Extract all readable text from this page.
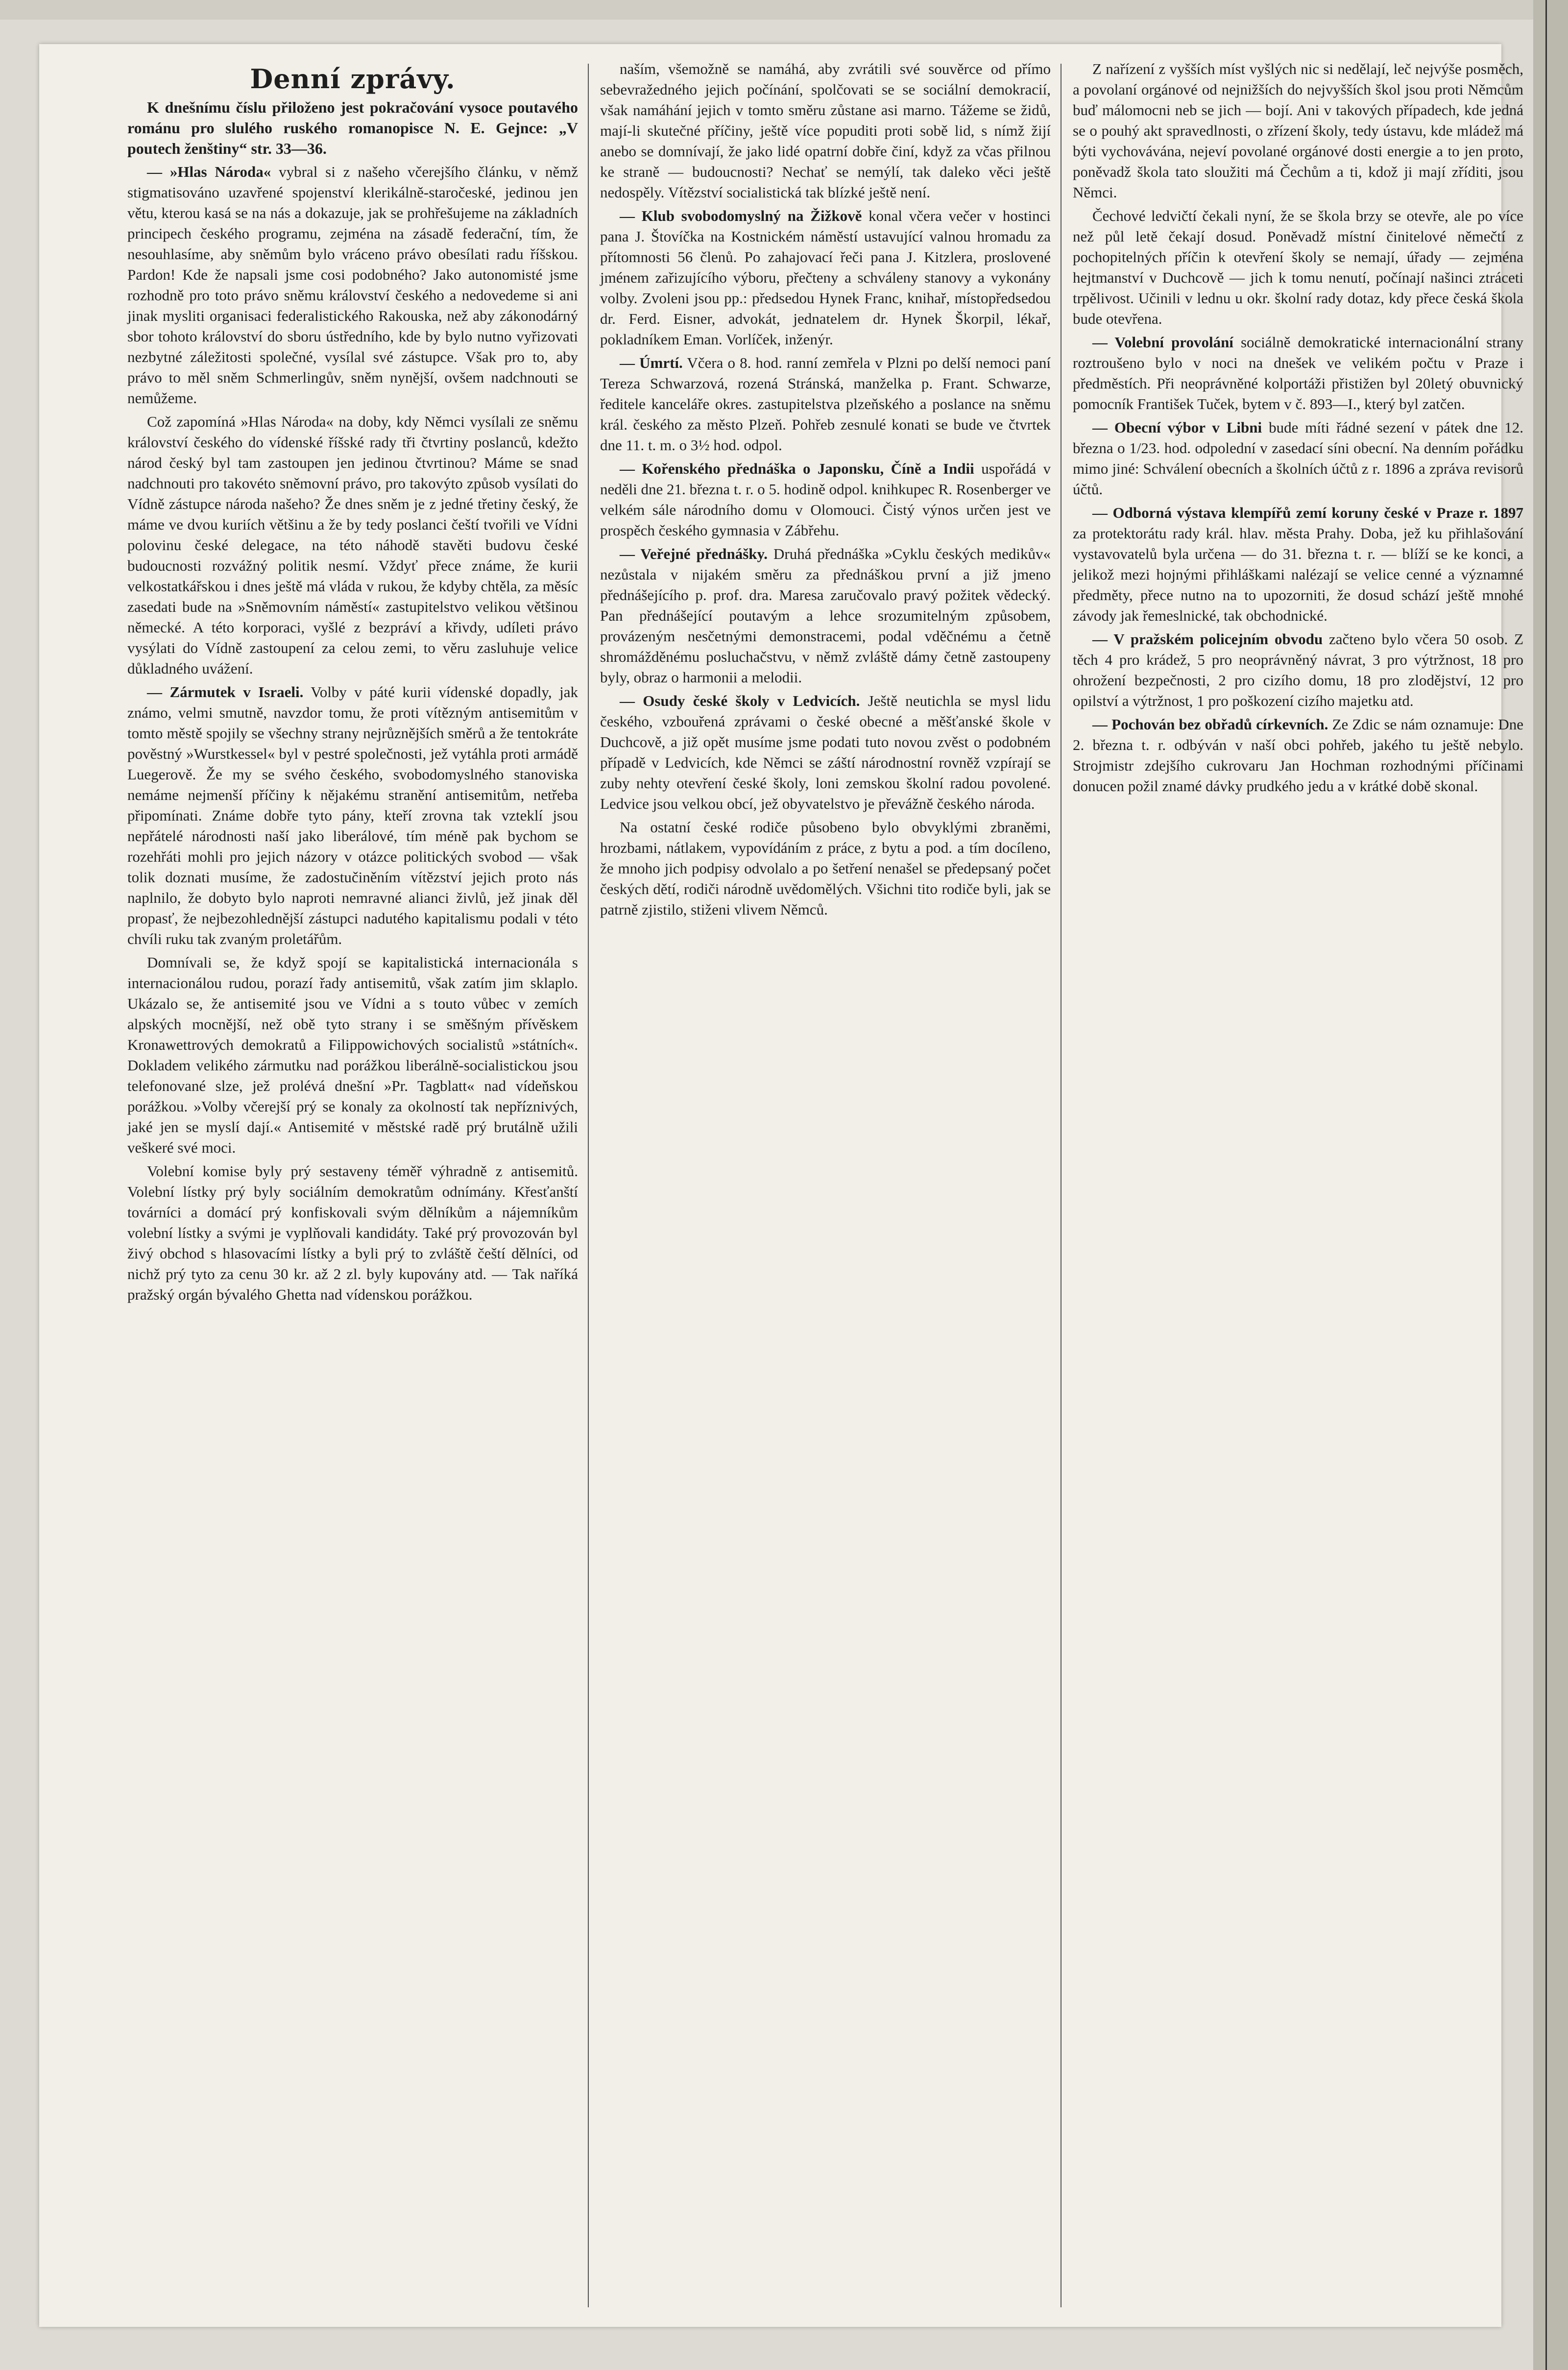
Denní zprávy.

K dnešnímu číslu přiloženo jest pokračování vysoce poutavého románu pro slulého ruského romanopisce N. E. Gejnce: „V poutech ženštiny“ str. 33—36.

— »Hlas Národa« vybral si z našeho včerejšího článku, v němž stigmatisováno uzavřené spojenství klerikálně-staročeské, jedinou jen větu, kterou kasá se na nás a dokazuje, jak se prohřešujeme na základních principech českého programu, zejména na zásadě federační, tím, že nesouhlasíme, aby sněmům bylo vráceno právo obesílati radu říšskou. Pardon! Kde že napsali jsme cosi podobného? Jako autonomisté jsme rozhodně pro toto právo sněmu království českého a nedovedeme si ani jinak mysliti organisaci federalistického Rakouska, než aby zákonodárný sbor tohoto království do sboru ústředního, kde by bylo nutno vyřizovati nezbytné záležitosti společné, vysílal své zástupce. Však pro to, aby právo to měl sněm Schmerlingův, sněm nynější, ovšem nadchnouti se nemůžeme.

Což zapomíná »Hlas Národa« na doby, kdy Němci vysílali ze sněmu království českého do vídenské říšské rady tři čtvrtiny poslanců, kdežto národ český byl tam zastoupen jen jedinou čtvrtinou? Máme se snad nadchnouti pro takovéto sněmovní právo, pro takovýto způsob vysílati do Vídně zástupce národa našeho? Že dnes sněm je z jedné třetiny český, že máme ve dvou kuriích většinu a že by tedy poslanci čeští tvořili ve Vídni polovinu české delegace, na této náhodě stavěti budovu české budoucnosti rozvážný politik nesmí. Vždyť přece známe, že kurii velkostatkářskou i dnes ještě má vláda v rukou, že kdyby chtěla, za měsíc zasedati bude na »Sněmovním náměstí« zastupitelstvo velikou většinou německé. A této korporaci, vyšlé z bezpráví a křivdy, udíleti právo vysýlati do Vídně zastoupení za celou zemi, to věru zasluhuje velice důkladného uvážení.

— Zármutek v Israeli. Volby v páté kurii vídenské dopadly, jak známo, velmi smutně, navzdor tomu, že proti vítězným antisemitům v tomto městě spojily se všechny strany nejrůznějších směrů a že tentokráte pověstný »Wurstkessel« byl v pestré společnosti, jež vytáhla proti armádě Luegerově. Že my se svého českého, svobodomyslného stanoviska nemáme nejmenší příčiny k nějakému stranění antisemitům, netřeba připomínati. Známe dobře tyto pány, kteří zrovna tak vzteklí jsou nepřátelé národnosti naší jako liberálové, tím méně pak bychom se rozehřáti mohli pro jejich názory v otázce politických svobod — však tolik doznati musíme, že zadostučiněním vítězství jejich proto nás naplnilo, že dobyto bylo naproti nemravné alianci živlů, jež jinak děl propasť, že nejbezohlednější zástupci nadutého kapitalismu podali v této chvíli ruku tak zvaným proletářům.

Domnívali se, že když spojí se kapitalistická internacionála s internacionálou rudou, porazí řady antisemitů, však zatím jim sklaplo. Ukázalo se, že antisemité jsou ve Vídni a s touto vůbec v zemích alpských mocnější, než obě tyto strany i se směšným přívěskem Kronawettrových demokratů a Filippowichových socialistů »státních«. Dokladem velikého zármutku nad porážkou liberálně-socialistickou jsou telefonované slze, jež prolévá dnešní »Pr. Tagblatt« nad vídeňskou porážkou. »Volby včerejší prý se konaly za okolností tak nepříznivých, jaké jen se myslí dají.« Antisemité v městské radě prý brutálně užili veškeré své moci.

Volební komise byly prý sestaveny téměř výhradně z antisemitů. Volební lístky prý byly sociálním demokratům odnímány. Křesťanští továrníci a domácí prý konfiskovali svým dělníkům a nájemníkům volební lístky a svými je vyplňovali kandidáty. Také prý provozován byl živý obchod s hlasovacími lístky a byli prý to zvláště čeští dělníci, od nichž prý tyto za cenu 30 kr. až 2 zl. byly kupovány atd. — Tak naříká pražský orgán bývalého Ghetta nad vídenskou porážkou.

naším, všemožně se namáhá, aby zvrátili své souvěrce od přímo sebevražedného jejich počínání, spolčovati se se sociální demokracií, však namáhání jejich v tomto směru zůstane asi marno. Tážeme se židů, mají-li skutečné příčiny, ještě více popuditi proti sobě lid, s nímž žijí anebo se domnívají, že jako lidé opatrní dobře činí, když za včas přilnou ke straně — budoucnosti? Nechať se nemýlí, tak daleko věci ještě nedospěly. Vítězství socialistická tak blízké ještě není.

— Klub svobodomyslný na Žižkově konal včera večer v hostinci pana J. Štovíčka na Kostnickém náměstí ustavující valnou hromadu za přítomnosti 56 členů. Po zahajovací řeči pana J. Kitzlera, proslovené jménem zařizujícího výboru, přečteny a schváleny stanovy a vykonány volby. Zvoleni jsou pp.: předsedou Hynek Franc, knihař, místopředsedou dr. Ferd. Eisner, advokát, jednatelem dr. Hynek Škorpil, lékař, pokladníkem Eman. Vorlíček, inženýr.

— Úmrtí. Včera o 8. hod. ranní zemřela v Plzni po delší nemoci paní Tereza Schwarzová, rozená Stránská, manželka p. Frant. Schwarze, ředitele kanceláře okres. zastupitelstva plzeňského a poslance na sněmu král. českého za město Plzeň. Pohřeb zesnulé konati se bude ve čtvrtek dne 11. t. m. o 3½ hod. odpol.

— Kořenského přednáška o Japonsku, Číně a Indii uspořádá v neděli dne 21. března t. r. o 5. hodině odpol. knihkupec R. Rosenberger ve velkém sále národního domu v Olomouci. Čistý výnos určen jest ve prospěch českého gymnasia v Zábřehu.

— Veřejné přednášky. Druhá přednáška »Cyklu českých medikův« nezůstala v nijakém směru za přednáškou první a již jmeno přednášejícího p. prof. dra. Maresa zaručovalo pravý požitek vědecký. Pan přednášející poutavým a lehce srozumitelným způsobem, provázeným nesčetnými demonstracemi, podal vděčnému a četně shromážděnému posluchačstvu, v němž zvláště dámy četně zastoupeny byly, obraz o harmonii a melodii.

— Osudy české školy v Ledvicích. Ještě neutichla se mysl lidu českého, vzbouřená zprávami o české obecné a měšťanské škole v Duchcově, a již opět musíme jsme podati tuto novou zvěst o podobném případě v Ledvicích, kde Němci se záští národnostní rovněž vzpírají se zuby nehty otevření české školy, loni zemskou školní radou povolené. Ledvice jsou velkou obcí, jež obyvatelstvo je převážně českého národa.

Na ostatní české rodiče působeno bylo obvyklými zbraněmi, hrozbami, nátlakem, vypovídáním z práce, z bytu a pod. a tím docíleno, že mnoho jich podpisy odvolalo a po šetření nenašel se předepsaný počet českých dětí, rodiči národně uvědomělých. Všichni tito rodiče byli, jak se patrně zjistilo, stiženi vlivem Němců.

Z nařízení z vyšších míst vyšlých nic si nedělají, leč nejvýše posměch, a povolaní orgánové od nejnižších do nejvyšších škol jsou proti Němcům buď málomocni neb se jich — bojí. Ani v takových případech, kde jedná se o pouhý akt spravedlnosti, o zřízení školy, tedy ústavu, kde mládež má býti vychovávána, nejeví povolané orgánové dosti energie a to jen proto, poněvadž škola tato sloužiti má Čechům a ti, kdož ji mají zříditi, jsou Němci.

Čechové ledvičtí čekali nyní, že se škola brzy se otevře, ale po více než půl letě čekají dosud. Poněvadž místní činitelové němečtí z pochopitelných příčin k otevření školy se nemají, úřady — zejména hejtmanství v Duchcově — jich k tomu nenutí, počínají našinci ztráceti trpělivost. Učinili v lednu u okr. školní rady dotaz, kdy přece česká škola bude otevřena.

— Volební provolání sociálně demokratické internacionální strany roztroušeno bylo v noci na dnešek ve velikém počtu v Praze i předměstích. Při neoprávněné kolportáži přistižen byl 20letý obuvnický pomocník František Tuček, bytem v č. 893—I., který byl zatčen.

— Obecní výbor v Libni bude míti řádné sezení v pátek dne 12. března o 1/23. hod. odpolední v zasedací síni obecní. Na denním pořádku mimo jiné: Schválení obecních a školních účtů z r. 1896 a zpráva revisorů účtů.

— Odborná výstava klempířů zemí koruny české v Praze r. 1897 za protektorátu rady král. hlav. města Prahy. Doba, jež ku přihlašování vystavovatelů byla určena — do 31. března t. r. — blíží se ke konci, a jelikož mezi hojnými přihláškami nalézají se velice cenné a významné předměty, přece nutno na to upozorniti, že dosud schází ještě mnohé závody jak řemeslnické, tak obchodnické.

— V pražském policejním obvodu začteno bylo včera 50 osob. Z těch 4 pro krádež, 5 pro neoprávněný návrat, 3 pro výtržnost, 18 pro ohrožení bezpečnosti, 2 pro cizího domu, 18 pro zlodějství, 12 pro opilství a výtržnost, 1 pro poškození cizího majetku atd.

— Pochován bez obřadů církevních. Ze Zdic se nám oznamuje: Dne 2. března t. r. odbýván v naší obci pohřeb, jakého tu ještě nebylo. Strojmistr zdejšího cukrovaru Jan Hochman rozhodnými příčinami donucen požil znamé dávky prudkého jedu a v krátké době skonal.
